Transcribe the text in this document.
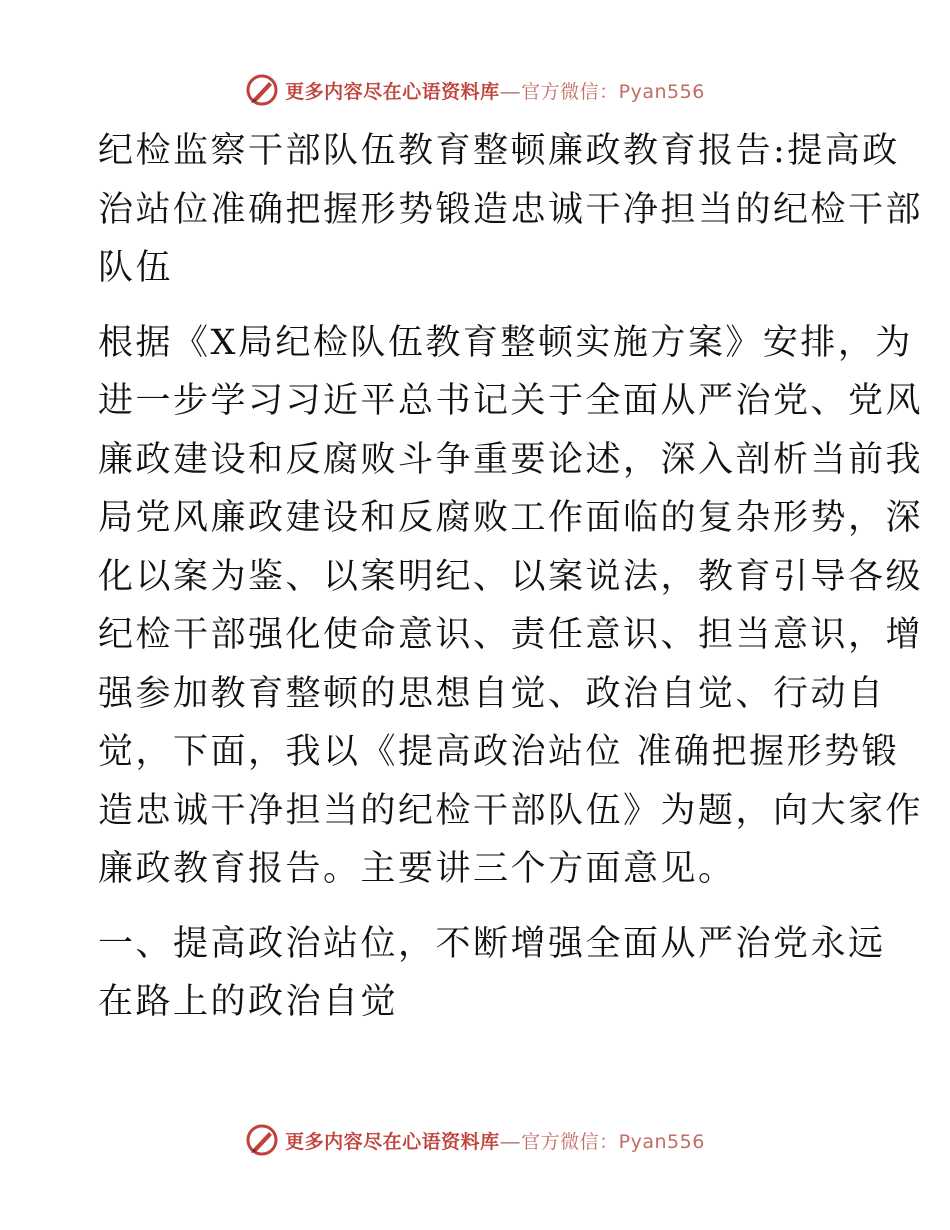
更多内容尽在心语资料库—官方微信：Pyan556

纪检监察干部队伍教育整顿廉政教育报告:提高政
治站位准确把握形势锻造忠诚干净担当的纪检干部
队伍

根据《X局纪检队伍教育整顿实施方案》安排，为
进一步学习习近平总书记关于全面从严治党、党风
廉政建设和反腐败斗争重要论述，深入剖析当前我
局党风廉政建设和反腐败工作面临的复杂形势，深
化以案为鉴、以案明纪、以案说法，教育引导各级
纪检干部强化使命意识、责任意识、担当意识，增
强参加教育整顿的思想自觉、政治自觉、行动自
觉，下面，我以《提高政治站位 准确把握形势锻
造忠诚干净担当的纪检干部队伍》为题，向大家作
廉政教育报告。主要讲三个方面意见。

一、提高政治站位，不断增强全面从严治党永远
在路上的政治自觉

更多内容尽在心语资料库—官方微信：Pyan556
